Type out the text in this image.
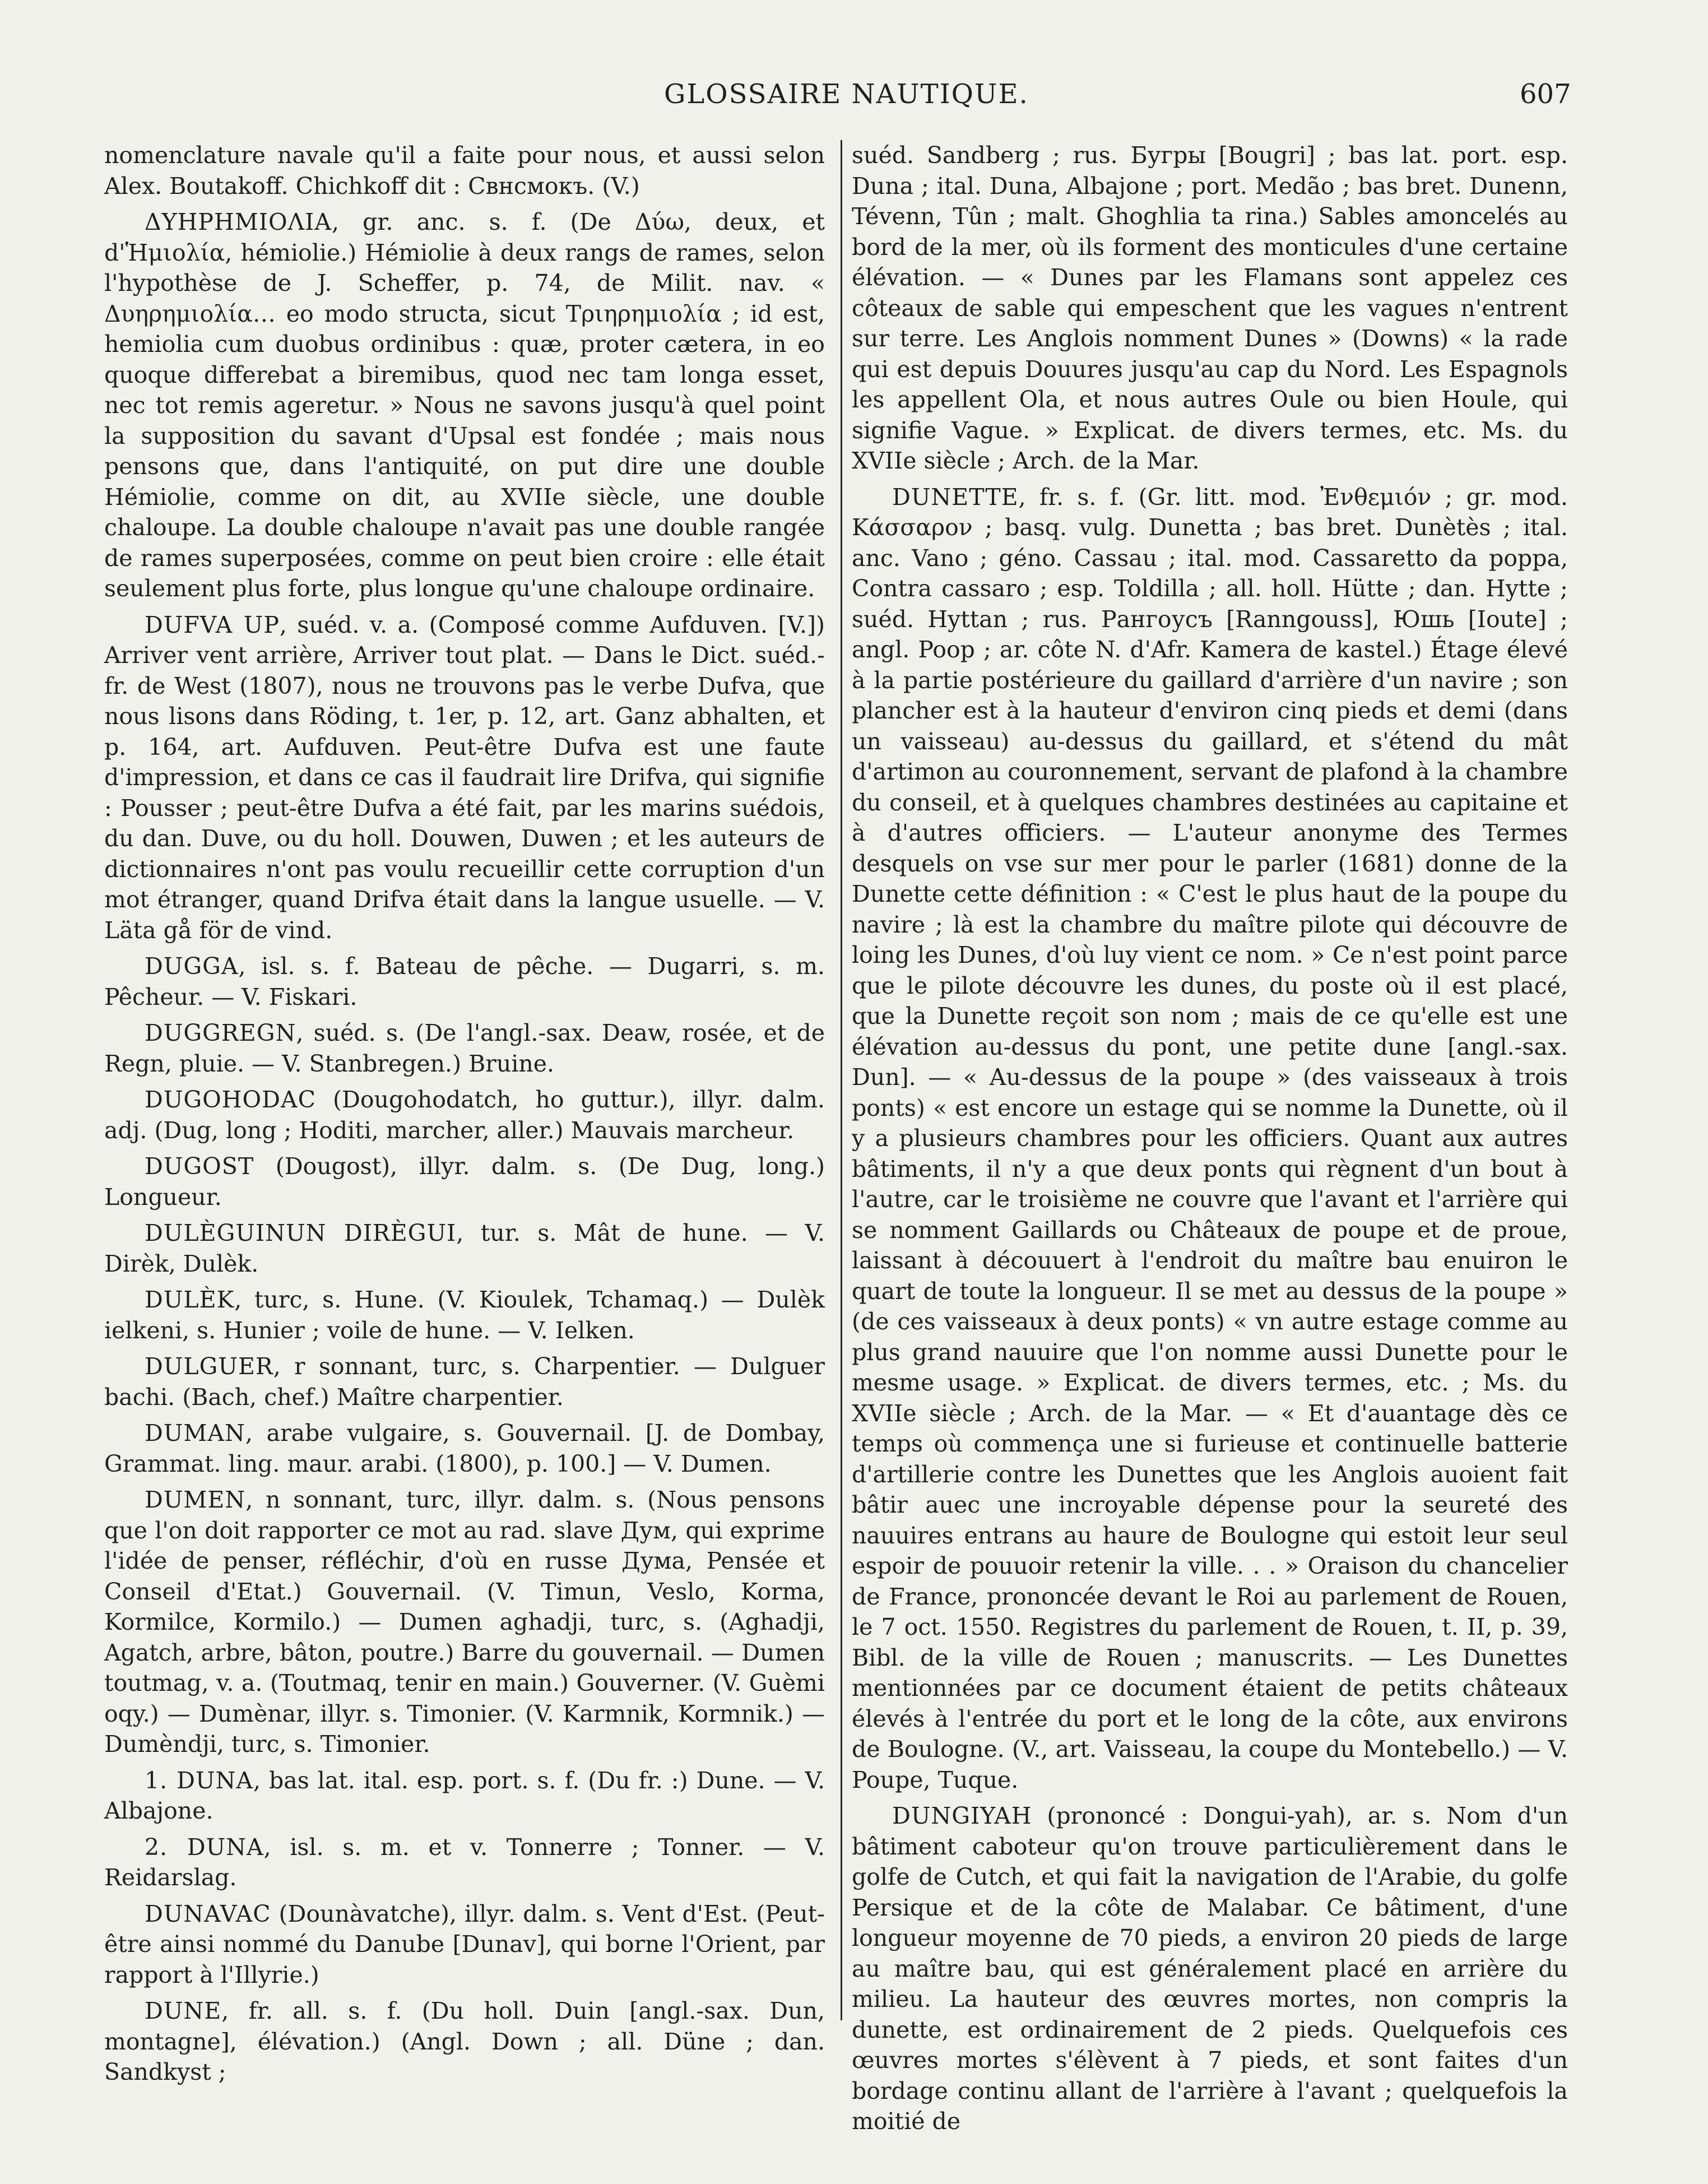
GLOSSAIRE NAUTIQUE.	607

nomenclature navale qu'il a faite pour nous, et aussi selon Alex. Boutakoff. Chichkoff dit : Свнсмокъ. (V.)

ΔΥΗΡΗΜΙΟΛΙΑ, gr. anc. s. f. (De Δύω, deux, et d'Ἡμιολία, hémiolie.) Hémiolie à deux rangs de rames, selon l'hypothèse de J. Scheffer, p. 74, de Milit. nav. « Δυηρημιολία… eo modo structa, sicut Τριηρημιολία ; id est, hemiolia cum duobus ordinibus : quæ, proter cætera, in eo quoque differebat a biremibus, quod nec tam longa esset, nec tot remis ageretur. » Nous ne savons jusqu'à quel point la supposition du savant d'Upsal est fondée ; mais nous pensons que, dans l'antiquité, on put dire une double Hémiolie, comme on dit, au XVIIe siècle, une double chaloupe. La double chaloupe n'avait pas une double rangée de rames superposées, comme on peut bien croire : elle était seulement plus forte, plus longue qu'une chaloupe ordinaire.

DUFVA UP, suéd. v. a. (Composé comme Aufduven. [V.]) Arriver vent arrière, Arriver tout plat. — Dans le Dict. suéd.-fr. de West (1807), nous ne trouvons pas le verbe Dufva, que nous lisons dans Röding, t. 1er, p. 12, art. Ganz abhalten, et p. 164, art. Aufduven. Peut-être Dufva est une faute d'impression, et dans ce cas il faudrait lire Drifva, qui signifie : Pousser ; peut-être Dufva a été fait, par les marins suédois, du dan. Duve, ou du holl. Douwen, Duwen ; et les auteurs de dictionnaires n'ont pas voulu recueillir cette corruption d'un mot étranger, quand Drifva était dans la langue usuelle. — V. Läta gå för de vind.

DUGGA, isl. s. f. Bateau de pêche. — Dugarri, s. m. Pêcheur. — V. Fiskari.

DUGGREGN, suéd. s. (De l'angl.-sax. Deaw, rosée, et de Regn, pluie. — V. Stanbregen.) Bruine.

DUGOHODAC (Dougohodatch, ho guttur.), illyr. dalm. adj. (Dug, long ; Hoditi, marcher, aller.) Mauvais marcheur.

DUGOST (Dougost), illyr. dalm. s. (De Dug, long.) Longueur.

DULÈGUINUN DIRÈGUI, tur. s. Mât de hune. — V. Dirèk, Dulèk.

DULÈK, turc, s. Hune. (V. Kioulek, Tchamaq.) — Dulèk ielkeni, s. Hunier ; voile de hune. — V. Ielken.

DULGUER, r sonnant, turc, s. Charpentier. — Dulguer bachi. (Bach, chef.) Maître charpentier.

DUMAN, arabe vulgaire, s. Gouvernail. [J. de Dombay, Grammat. ling. maur. arabi. (1800), p. 100.] — V. Dumen.

DUMEN, n sonnant, turc, illyr. dalm. s. (Nous pensons que l'on doit rapporter ce mot au rad. slave Дум, qui exprime l'idée de penser, réfléchir, d'où en russe Дума, Pensée et Conseil d'Etat.) Gouvernail. (V. Timun, Veslo, Korma, Kormilce, Kormilo.) — Dumen aghadji, turc, s. (Aghadji, Agatch, arbre, bâton, poutre.) Barre du gouvernail. — Dumen toutmag, v. a. (Toutmaq, tenir en main.) Gouverner. (V. Guèmi oqy.) — Dumènar, illyr. s. Timonier. (V. Karmnik, Kormnik.) — Dumèndji, turc, s. Timonier.

1. DUNA, bas lat. ital. esp. port. s. f. (Du fr. :) Dune. — V. Albajone.

2. DUNA, isl. s. m. et v. Tonnerre ; Tonner. — V. Reidarslag.

DUNAVAC (Dounàvatche), illyr. dalm. s. Vent d'Est. (Peut-être ainsi nommé du Danube [Dunav], qui borne l'Orient, par rapport à l'Illyrie.)

DUNE, fr. all. s. f. (Du holl. Duin [angl.-sax. Dun, montagne], élévation.) (Angl. Down ; all. Düne ; dan. Sandkyst ;

suéd. Sandberg ; rus. Бугры [Bougri] ; bas lat. port. esp. Duna ; ital. Duna, Albajone ; port. Medão ; bas bret. Dunenn, Tévenn, Tûn ; malt. Ghoghlia ta rina.) Sables amoncelés au bord de la mer, où ils forment des monticules d'une certaine élévation. — « Dunes par les Flamans sont appelez ces côteaux de sable qui empeschent que les vagues n'entrent sur terre. Les Anglois nomment Dunes » (Downs) « la rade qui est depuis Douures jusqu'au cap du Nord. Les Espagnols les appellent Ola, et nous autres Oule ou bien Houle, qui signifie Vague. » Explicat. de divers termes, etc. Ms. du XVIIe siècle ; Arch. de la Mar.

DUNETTE, fr. s. f. (Gr. litt. mod. Ἐνθεμιόν ; gr. mod. Κάσσαρον ; basq. vulg. Dunetta ; bas bret. Dunètès ; ital. anc. Vano ; géno. Cassau ; ital. mod. Cassaretto da poppa, Contra cassaro ; esp. Toldilla ; all. holl. Hütte ; dan. Hytte ; suéd. Hyttan ; rus. Рангоусъ [Ranngouss], Юшь [Ioute] ; angl. Poop ; ar. côte N. d'Afr. Kamera de kastel.) Étage élevé à la partie postérieure du gaillard d'arrière d'un navire ; son plancher est à la hauteur d'environ cinq pieds et demi (dans un vaisseau) au-dessus du gaillard, et s'étend du mât d'artimon au couronnement, servant de plafond à la chambre du conseil, et à quelques chambres destinées au capitaine et à d'autres officiers. — L'auteur anonyme des Termes desquels on vse sur mer pour le parler (1681) donne de la Dunette cette définition : « C'est le plus haut de la poupe du navire ; là est la chambre du maître pilote qui découvre de loing les Dunes, d'où luy vient ce nom. » Ce n'est point parce que le pilote découvre les dunes, du poste où il est placé, que la Dunette reçoit son nom ; mais de ce qu'elle est une élévation au-dessus du pont, une petite dune [angl.-sax. Dun]. — « Au-dessus de la poupe » (des vaisseaux à trois ponts) « est encore un estage qui se nomme la Dunette, où il y a plusieurs chambres pour les officiers. Quant aux autres bâtiments, il n'y a que deux ponts qui règnent d'un bout à l'autre, car le troisième ne couvre que l'avant et l'arrière qui se nomment Gaillards ou Châteaux de poupe et de proue, laissant à découuert à l'endroit du maître bau enuiron le quart de toute la longueur. Il se met au dessus de la poupe » (de ces vaisseaux à deux ponts) « vn autre estage comme au plus grand nauuire que l'on nomme aussi Dunette pour le mesme usage. » Explicat. de divers termes, etc. ; Ms. du XVIIe siècle ; Arch. de la Mar. — « Et d'auantage dès ce temps où commença une si furieuse et continuelle batterie d'artillerie contre les Dunettes que les Anglois auoient fait bâtir auec une incroyable dépense pour la seureté des nauuires entrans au haure de Boulogne qui estoit leur seul espoir de pouuoir retenir la ville. . . » Oraison du chancelier de France, prononcée devant le Roi au parlement de Rouen, le 7 oct. 1550. Registres du parlement de Rouen, t. II, p. 39, Bibl. de la ville de Rouen ; manuscrits. — Les Dunettes mentionnées par ce document étaient de petits châteaux élevés à l'entrée du port et le long de la côte, aux environs de Boulogne. (V., art. Vaisseau, la coupe du Montebello.) — V. Poupe, Tuque.

DUNGIYAH (prononcé : Dongui-yah), ar. s. Nom d'un bâtiment caboteur qu'on trouve particulièrement dans le golfe de Cutch, et qui fait la navigation de l'Arabie, du golfe Persique et de la côte de Malabar. Ce bâtiment, d'une longueur moyenne de 70 pieds, a environ 20 pieds de large au maître bau, qui est généralement placé en arrière du milieu. La hauteur des œuvres mortes, non compris la dunette, est ordinairement de 2 pieds. Quelquefois ces œuvres mortes s'élèvent à 7 pieds, et sont faites d'un bordage continu allant de l'arrière à l'avant ; quelquefois la moitié de
